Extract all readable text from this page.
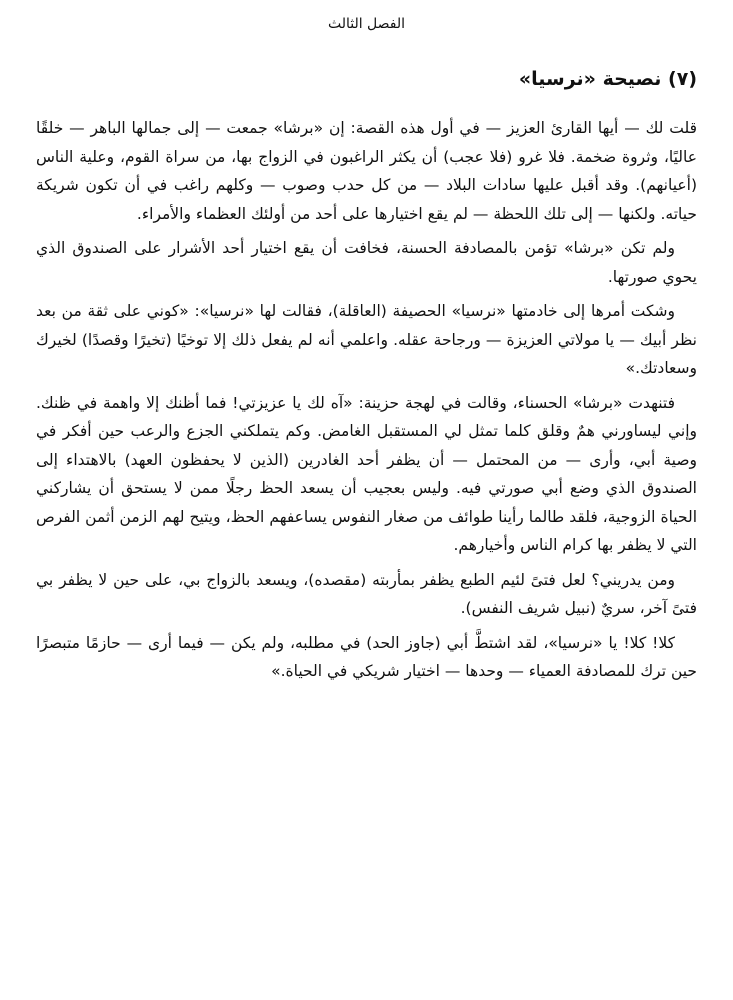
الفصل الثالث
(٧) نصيحة «نرسيا»

قلت لك — أيها القارئ العزيز — في أول هذه القصة: إن «برشا» جمعت — إلى جمالها الباهر — خلقًا عاليًا، وثروة ضخمة. فلا غرو (فلا عجب) أن يكثر الراغبون في الزواج بها، من سراة القوم، وعلية الناس (أعيانهم). وقد أقبل عليها سادات البلاد — من كل حدب وصوب — وكلهم راغب في أن تكون شريكة حياته. ولكنها — إلى تلك اللحظة — لم يقع اختيارها على أحد من أولئك العظماء والأمراء.

ولم تكن «برشا» تؤمن بالمصادفة الحسنة، فخافت أن يقع اختيار أحد الأشرار على الصندوق الذي يحوي صورتها.

وشكت أمرها إلى خادمتها «نرسيا» الحصيفة (العاقلة)، فقالت لها «نرسيا»: «كوني على ثقة من بعد نظر أبيك — يا مولاتي العزيزة — ورجاحة عقله. واعلمي أنه لم يفعل ذلك إلا توخيًا (تخيرًا وقصدًا) لخيرك وسعادتك.»

فتنهدت «برشا» الحسناء، وقالت في لهجة حزينة: «آه لك يا عزيزتي! فما أظنك إلا واهمة في ظنك. وإني ليساورني همٌ وقلق كلما تمثل لي المستقبل الغامض. وكم يتملكني الجزع والرعب حين أفكر في وصية أبي، وأرى — من المحتمل — أن يظفر أحد الغادرين (الذين لا يحفظون العهد) بالاهتداء إلى الصندوق الذي وضع أبي صورتي فيه. وليس بعجيب أن يسعد الحظ رجلًا ممن لا يستحق أن يشاركني الحياة الزوجية، فلقد طالما رأينا طوائف من صغار النفوس يساعفهم الحظ، ويتيح لهم الزمن أثمن الفرص التي لا يظفر بها كرام الناس وأخيارهم.

ومن يدريني؟ لعل فتىً لئيم الطبع يظفر بمأربته (مقصده)، ويسعد بالزواج بي، على حين لا يظفر بي فتىً آخر، سريٌ (نبيل شريف النفس).

كلا! كلا! يا «نرسيا»، لقد اشتطَّ أبي (جاوز الحد) في مطلبه، ولم يكن — فيما أرى — حازمًا متبصرًا حين ترك للمصادفة العمياء — وحدها — اختيار شريكي في الحياة.»
